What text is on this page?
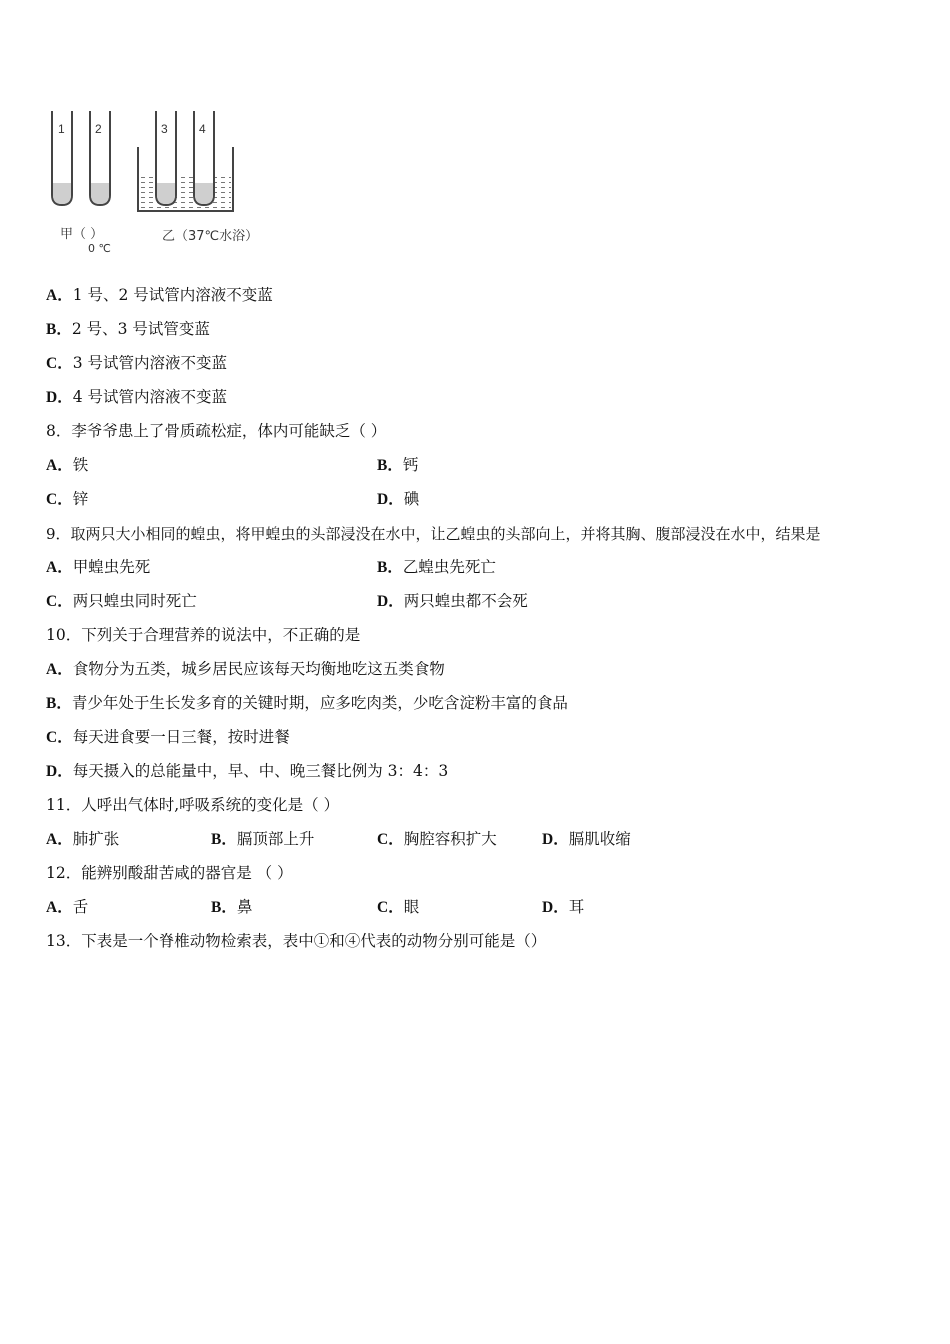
1	2	3	4
甲（ ）
0 ℃
乙（37℃水浴）
A．1 号、2 号试管内溶液不变蓝
B．2 号、3 号试管变蓝
C．3 号试管内溶液不变蓝
D．4 号试管内溶液不变蓝
8．李爷爷患上了骨质疏松症，体内可能缺乏（ ）
A．铁	B．钙
C．锌	D．碘
9．取两只大小相同的蝗虫，将甲蝗虫的头部浸没在水中，让乙蝗虫的头部向上，并将其胸、腹部浸没在水中，结果是
A．甲蝗虫先死	B．乙蝗虫先死亡
C．两只蝗虫同时死亡	D．两只蝗虫都不会死
10．下列关于合理营养的说法中，不正确的是
A．食物分为五类，城乡居民应该每天均衡地吃这五类食物
B．青少年处于生长发多育的关键时期，应多吃肉类，少吃含淀粉丰富的食品
C．每天进食要一日三餐，按时进餐
D．每天摄入的总能量中，早、中、晚三餐比例为 3：4：3
11．人呼出气体时,呼吸系统的变化是（ ）
A．肺扩张	B．膈顶部上升	C．胸腔容积扩大	D．膈肌收缩
12．能辨别酸甜苦咸的器官是 （ ）
A．舌	B．鼻	C．眼	D．耳
13．下表是一个脊椎动物检索表，表中①和④代表的动物分别可能是（）
